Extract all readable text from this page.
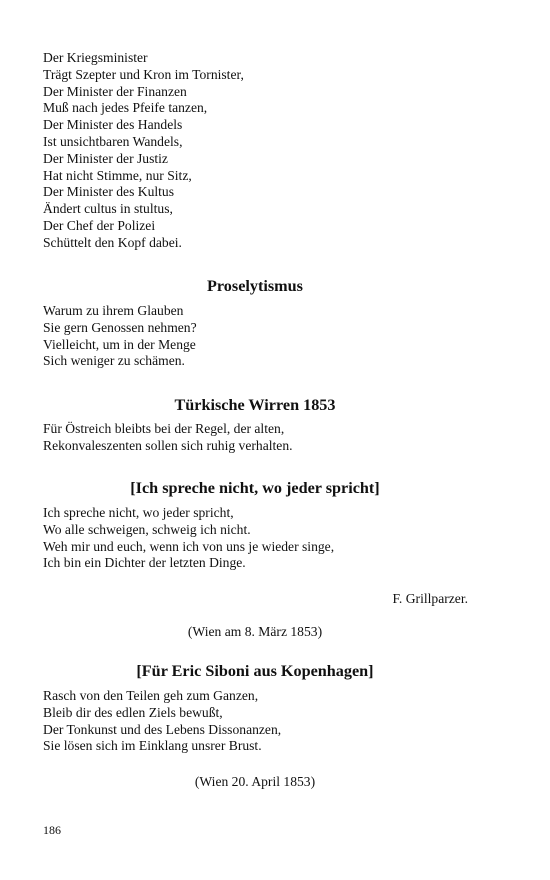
Der Kriegsminister
Trägt Szepter und Kron im Tornister,
Der Minister der Finanzen
Muß nach jedes Pfeife tanzen,
Der Minister des Handels
Ist unsichtbaren Wandels,
Der Minister der Justiz
Hat nicht Stimme, nur Sitz,
Der Minister des Kultus
Ändert cultus in stultus,
Der Chef der Polizei
Schüttelt den Kopf dabei.
Proselytismus
Warum zu ihrem Glauben
Sie gern Genossen nehmen?
Vielleicht, um in der Menge
Sich weniger zu schämen.
Türkische Wirren 1853
Für Östreich bleibts bei der Regel, der alten,
Rekonvaleszenten sollen sich ruhig verhalten.
[Ich spreche nicht, wo jeder spricht]
Ich spreche nicht, wo jeder spricht,
Wo alle schweigen, schweig ich nicht.
Weh mir und euch, wenn ich von uns je wieder singe,
Ich bin ein Dichter der letzten Dinge.
F. Grillparzer.
(Wien am 8. März 1853)
[Für Eric Siboni aus Kopenhagen]
Rasch von den Teilen geh zum Ganzen,
Bleib dir des edlen Ziels bewußt,
Der Tonkunst und des Lebens Dissonanzen,
Sie lösen sich im Einklang unsrer Brust.
(Wien 20. April 1853)
186
